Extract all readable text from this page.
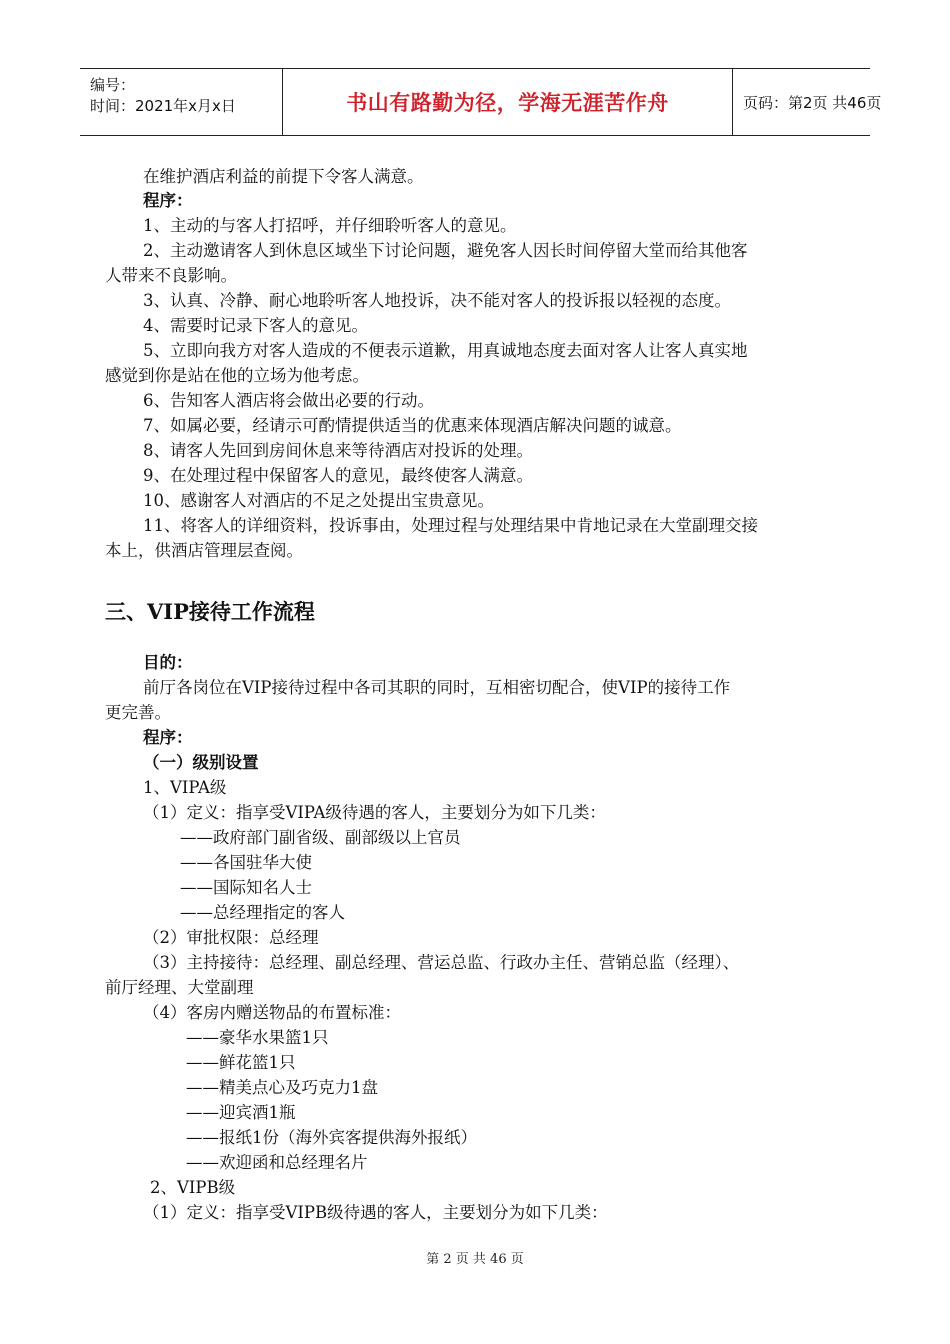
编号：
时间：2021年x月x日	书山有路勤为径，学海无涯苦作舟	页码：第2页 共46页
在维护酒店利益的前提下令客人满意。
程序：
1、主动的与客人打招呼，并仔细聆听客人的意见。
2、主动邀请客人到休息区域坐下讨论问题，避免客人因长时间停留大堂而给其他客
人带来不良影响。
3、认真、冷静、耐心地聆听客人地投诉，决不能对客人的投诉报以轻视的态度。
4、需要时记录下客人的意见。
5、立即向我方对客人造成的不便表示道歉，用真诚地态度去面对客人让客人真实地
感觉到你是站在他的立场为他考虑。
6、告知客人酒店将会做出必要的行动。
7、如属必要，经请示可酌情提供适当的优惠来体现酒店解决问题的诚意。
8、请客人先回到房间休息来等待酒店对投诉的处理。
9、在处理过程中保留客人的意见，最终使客人满意。
10、感谢客人对酒店的不足之处提出宝贵意见。
11、将客人的详细资料，投诉事由，处理过程与处理结果中肯地记录在大堂副理交接
本上，供酒店管理层查阅。
三、VIP接待工作流程
目的：
前厅各岗位在VIP接待过程中各司其职的同时，互相密切配合，使VIP的接待工作
更完善。
程序：
（一）级别设置
1、VIPA级
（1）定义：指享受VIPA级待遇的客人，主要划分为如下几类：
——政府部门副省级、副部级以上官员
——各国驻华大使
——国际知名人士
——总经理指定的客人
（2）审批权限：总经理
（3）主持接待：总经理、副总经理、营运总监、行政办主任、营销总监（经理）、
前厅经理、大堂副理
（4）客房内赠送物品的布置标准：
——豪华水果篮1只
——鲜花篮1只
——精美点心及巧克力1盘
——迎宾酒1瓶
——报纸1份（海外宾客提供海外报纸）
——欢迎函和总经理名片
2、VIPB级
（1）定义：指享受VIPB级待遇的客人，主要划分为如下几类：
第 2 页 共 46 页
